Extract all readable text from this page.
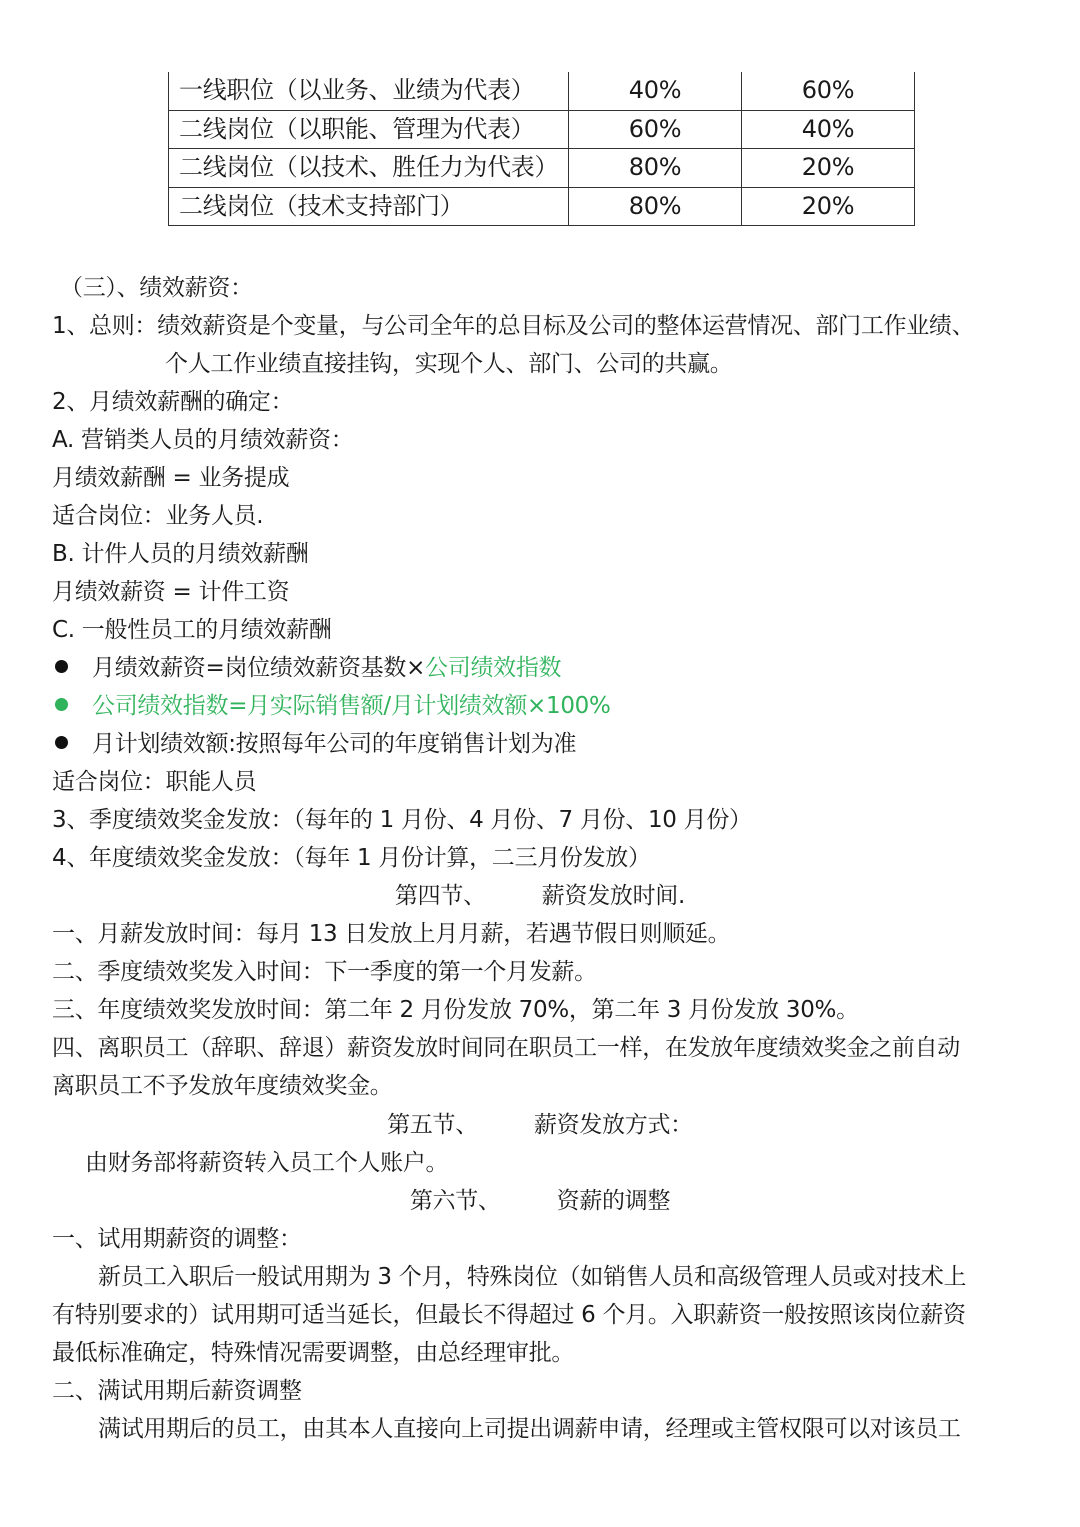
一线职位（以业务、业绩为代表）	40%	60%
二线岗位（以职能、管理为代表）	60%	40%
二线岗位（以技术、胜任力为代表）	80%	20%
二线岗位（技术支持部门）	80%	20%
（三）、绩效薪资：
1、总则：绩效薪资是个变量，与公司全年的总目标及公司的整体运营情况、部门工作业绩、
个人工作业绩直接挂钩，实现个人、部门、公司的共赢。
2、月绩效薪酬的确定：
A. 营销类人员的月绩效薪资：
月绩效薪酬 = 业务提成
适合岗位：业务人员.
B. 计件人员的月绩效薪酬
月绩效薪资 = 计件工资
C. 一般性员工的月绩效薪酬
月绩效薪资=岗位绩效薪资基数×公司绩效指数
公司绩效指数=月实际销售额/月计划绩效额×100%
月计划绩效额:按照每年公司的年度销售计划为准
适合岗位：职能人员
3、季度绩效奖金发放：（每年的 1 月份、4 月份、7 月份、10 月份）
4、年度绩效奖金发放：（每年 1 月份计算，二三月份发放）
第四节、 薪资发放时间.
一、月薪发放时间：每月 13 日发放上月月薪，若遇节假日则顺延。
二、季度绩效奖发入时间：下一季度的第一个月发薪。
三、年度绩效奖发放时间：第二年 2 月份发放 70%，第二年 3 月份发放 30%。
四、离职员工（辞职、辞退）薪资发放时间同在职员工一样，在发放年度绩效奖金之前自动
离职员工不予发放年度绩效奖金。
第五节、 薪资发放方式：
由财务部将薪资转入员工个人账户。
第六节、 资薪的调整
一、试用期薪资的调整：
新员工入职后一般试用期为 3 个月，特殊岗位（如销售人员和高级管理人员或对技术上
有特别要求的）试用期可适当延长，但最长不得超过 6 个月。入职薪资一般按照该岗位薪资
最低标准确定，特殊情况需要调整，由总经理审批。
二、满试用期后薪资调整
满试用期后的员工，由其本人直接向上司提出调薪申请，经理或主管权限可以对该员工
